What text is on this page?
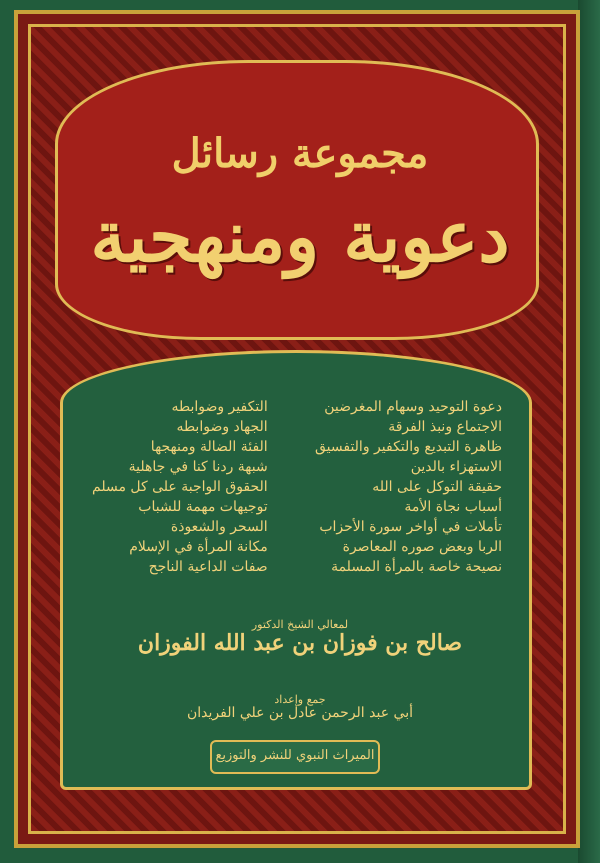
مجموعة رسائل
دعوية ومنهجية
دعوة التوحيد وسهام المغرضين
الاجتماع ونبذ الفرقة
ظاهرة التبديع والتكفير والتفسيق
الاستهزاء بالدين
حقيقة التوكل على الله
أسباب نجاة الأمة
تأملات في أواخر سورة الأحزاب
الربا وبعض صوره المعاصرة
نصيحة خاصة بالمرأة المسلمة
التكفير وضوابطه
الجهاد وضوابطه
الفئة الضالة ومنهجها
شبهة ردنا كنا في جاهلية
الحقوق الواجبة على كل مسلم
توجيهات مهمة للشباب
السحر والشعوذة
مكانة المرأة في الإسلام
صفات الداعية الناجح
لمعالي الشيخ الدكتور
صالح بن فوزان بن عبد الله الفوزان
جمع وإعداد
أبي عبد الرحمن عادل بن علي الفريدان
الميراث النبوي للنشر والتوزيع
